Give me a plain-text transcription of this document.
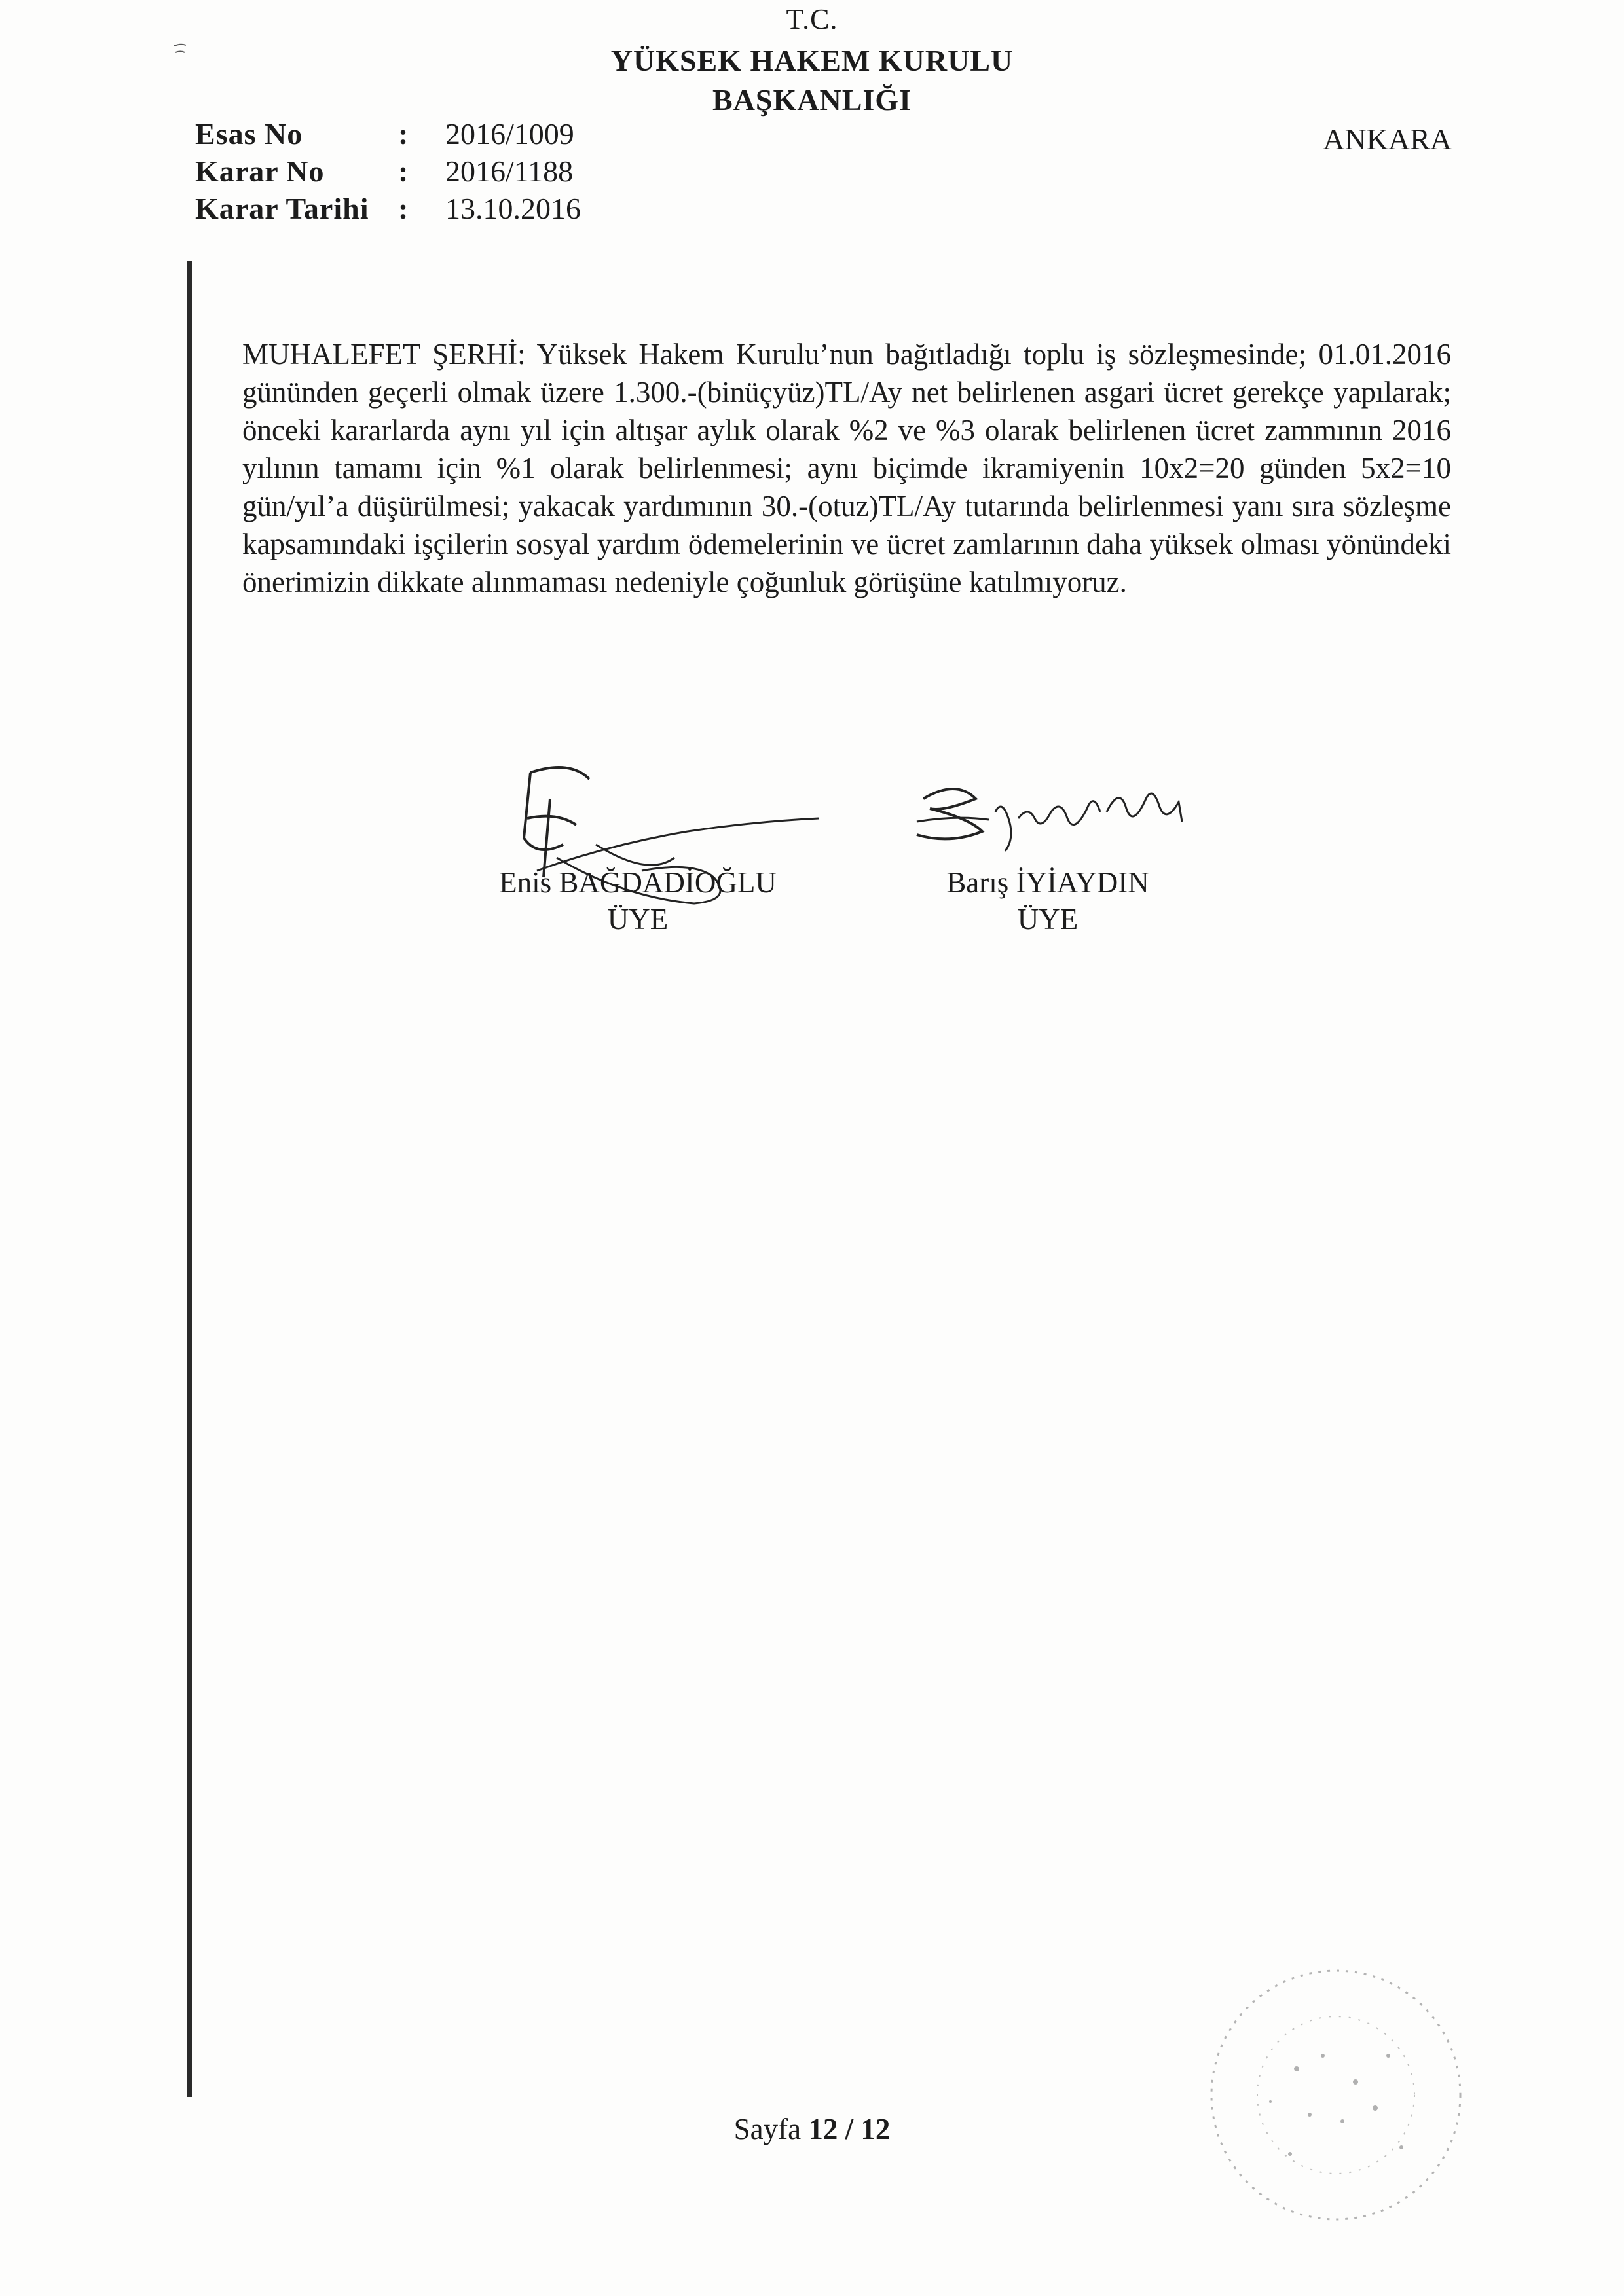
T.C.
YÜKSEK HAKEM KURULU
BAŞKANLIĞI
ANKARA
Esas No	:	2016/1009
Karar No	:	2016/1188
Karar Tarihi :	13.10.2016
MUHALEFET ŞERHİ: Yüksek Hakem Kurulu’nun bağıtladığı toplu iş sözleşmesinde; 01.01.2016 gününden geçerli olmak üzere 1.300.-(binüçyüz)TL/Ay net belirlenen asgari ücret gerekçe yapılarak; önceki kararlarda aynı yıl için altışar aylık olarak %2 ve %3 olarak belirlenen ücret zammının 2016 yılının tamamı için %1 olarak belirlenmesi; aynı biçimde ikramiyenin 10x2=20 günden 5x2=10 gün/yıl’a düşürülmesi; yakacak yardımının 30.-(otuz)TL/Ay tutarında belirlenmesi yanı sıra sözleşme kapsamındaki işçilerin sosyal yardım ödemelerinin ve ücret zamlarının daha yüksek olması yönündeki önerimizin dikkate alınmaması nedeniyle çoğunluk görüşüne katılmıyoruz.
Enis BAĞDADİOĞLU
ÜYE
Barış İYİAYDIN
ÜYE
Sayfa 12 / 12
